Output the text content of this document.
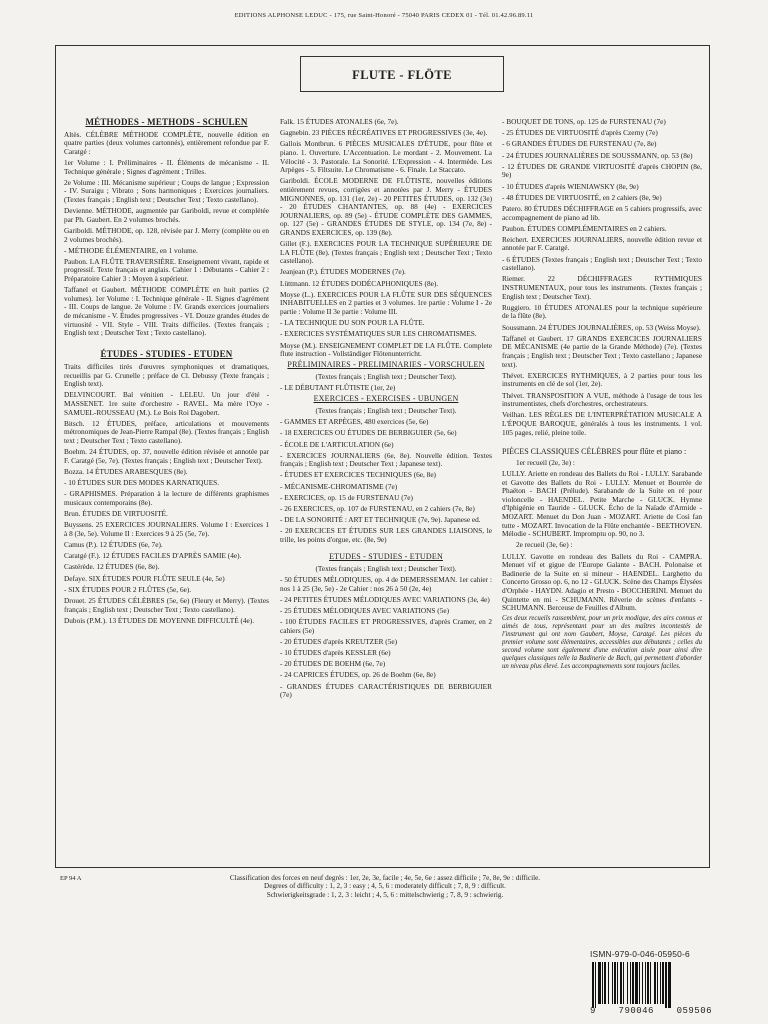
EDITIONS ALPHONSE LEDUC - 175, rue Saint-Honoré - 75040 PARIS CEDEX 01 - Tél. 01.42.96.89.11
FLUTE - FLÖTE
MÉTHODES - METHODS - SCHULEN
Altès. CÉLÈBRE MÉTHODE COMPLÈTE, nouvelle édition en quatre parties (deux volumes cartonnés), entièrement refondue par F. Caratgé :
1er Volume : I. Préliminaires - II. Éléments de mécanisme - II. Technique générale ; Signes d'agrément ; Trilles.
2e Volume : III. Mécanisme supérieur ; Coups de langue ; Expression - IV. Suraigu ; Vibrato ; Sons harmoniques ; Exercices journaliers. (Textes français ; English text ; Deutscher Text ; Texto castellano).
Devienne. MÉTHODE, augmentée par Gariboldi, revue et complétée par Ph. Gaubert. En 2 volumes brochés.
Gariboldi. MÉTHODE, op. 128, révisée par J. Merry (complète ou en 2 volumes brochés).
- MÉTHODE ÉLÉMENTAIRE, en 1 volume.
Paubon. LA FLÛTE TRAVERSIÈRE. Enseignement vivant, rapide et progressif. Texte français et anglais. Cahier 1 : Débutants - Cahier 2 : Préparatoire Cahier 3 : Moyen à supérieur.
Taffanel et Gaubert. MÉTHODE COMPLÈTE en huit parties (2 volumes). 1er Volume : I. Technique générale - II. Signes d'agrément - III. Coups de langue. 2e Volume : IV. Grands exercices journaliers de mécanisme - V. Études progressives - VI. Douze grandes études de virtuosité - VII. Style - VIII. Traits difficiles. (Textes français ; English text ; Deutscher Text ; Texto castellano).
ÉTUDES - STUDIES - ETUDEN
Traits difficiles tirés d'œuvres symphoniques et dramatiques, recueillis par G. Crunelle ; préface de Cl. Debussy (Texte français ; English text).
DELVINCOURT. Bal vénitien - LELEU. Un jour d'été - MASSENET. 1re suite d'orchestre - RAVEL. Ma mère l'Oye - SAMUEL-ROUSSEAU (M.). Le Bois Roi Dagobert.
Bitsch. 12 ÉTUDES, préface, articulations et mouvements métronomiques de Jean-Pierre Rampal (8e). (Textes français ; English text ; Deutscher Text ; Texto castellano).
Boehm. 24 ÉTUDES, op. 37, nouvelle édition révisée et annotée par F. Caratgé (5e, 7e). (Textes français ; English text ; Deutscher Text).
Bozza. 14 ÉTUDES ARABESQUES (8e).
- 10 ÉTUDES SUR DES MODES KARNATIQUES.
- GRAPHISMES. Préparation à la lecture de différents graphismes musicaux contemporains (8e).
Brun. ÉTUDES DE VIRTUOSITÉ.
Buyssens. 25 EXERCICES JOURNALIERS. Volume I : Exercices 1 à 8 (3e, 5e). Volume II : Exercices 9 à 25 (5e, 7e).
Camus (P.). 12 ÉTUDES (6e, 7e).
Caratgé (F.). 12 ÉTUDES FACILES D'APRÈS SAMIE (4e).
Castérède. 12 ÉTUDES (6e, 8e).
Defaye. SIX ÉTUDES POUR FLÛTE SEULE (4e, 5e)
- SIX ÉTUDES POUR 2 FLÛTES (5e, 6e).
Drouet. 25 ÉTUDES CÉLÈBRES (5e, 6e) (Fleury et Merry). (Textes français ; English text ; Deutscher Text ; Texto castellano).
Dubois (P.M.). 13 ÉTUDES DE MOYENNE DIFFICULTÉ (4e).
Falk. 15 ÉTUDES ATONALES (6e, 7e).
Gagnebin. 23 PIÈCES RÉCRÉATIVES ET PROGRESSIVES (3e, 4e).
Gallois Montbrun. 6 PIÈCES MUSICALES D'ÉTUDE, pour flûte et piano. 1. Ouverture. L'Accentuation. Le mordant - 2. Mouvement. La Vélocité - 3. Pastorale. La Sonorité. L'Expression - 4. Intermède. Les Arpèges - 5. Filtsuite. Le Chromatisme - 6. Finale. Le Staccato.
Gariboldi. ÉCOLE MODERNE DE FLÛTISTE, nouvelles éditions entièrement revues, corrigées et annotées par J. Merry - ÉTUDES MIGNONNES, op. 131 (1er, 2e) - 20 PETITES ÉTUDES, op. 132 (3e) - 20 ÉTUDES CHANTANTES, op. 88 (4e) - EXERCICES JOURNALIERS, op. 89 (5e) - ÉTUDE COMPLÈTE DES GAMMES, op. 127 (5e) - GRANDES ÉTUDES DE STYLE, op. 134 (7e, 8e) - GRANDS EXERCICES, op. 139 (8e).
Gillet (F.). EXERCICES POUR LA TECHNIQUE SUPÉRIEURE DE LA FLÛTE (8e). (Textes français ; English text ; Deutscher Text ; Texto castellano).
Jeanjean (P.). ÉTUDES MODERNES (7e).
Lüttmann. 12 ÉTUDES DODÉCAPHONIQUES (8e).
Moyse (L.). EXERCICES POUR LA FLÛTE SUR DES SÉQUENCES INHABITUELLES en 2 parties et 3 volumes. 1re partie : Volume I - 2e partie : Volume II 3e partie : Volume III.
- LA TECHNIQUE DU SON POUR LA FLÛTE.
- EXERCICES SYSTÉMATIQUES SUR LES CHROMATISMES.
Moyse (M.). ENSEIGNEMENT COMPLET DE LA FLÛTE. Complete flute instruction - Vollständiger Flötenunterricht.
PRÉLIMINAIRES - PRELIMINARIES - VORSCHULEN
(Textes français ; English text ; Deutscher Text).
- LE DÉBUTANT FLÛTISTE (1er, 2e)
EXERCICES - EXERCISES - UBUNGEN
(Textes français ; English text ; Deutscher Text).
- GAMMES ET ARPÈGES, 480 exercices (5e, 6e)
- 18 EXERCICES OU ÉTUDES DE BERBIGUIER (5e, 6e)
- ÉCOLE DE L'ARTICULATION (6e)
- EXERCICES JOURNALIERS (6e, 8e). Nouvelle édition. Textes français ; English text ; Deutscher Text ; Japanese text).
- ÉTUDES ET EXERCICES TECHNIQUES (6e, 8e)
- MÉCANISME-CHROMATISME (7e)
- EXERCICES, op. 15 de FURSTENAU (7e)
- 26 EXERCICES, op. 107 de FURSTENAU, en 2 cahiers (7e, 8e)
- DE LA SONORITÉ : ART ET TECHNIQUE (7e, 9e). Japanese ed.
- 20 EXERCICES ET ÉTUDES SUR LES GRANDES LIAISONS, le trille, les points d'orgue, etc. (8e, 9e)
ETUDES - STUDIES - ETUDEN
(Textes français ; English text ; Deutscher Text).
- 50 ÉTUDES MÉLODIQUES, op. 4 de DEMERSSEMAN. 1er cahier : nos 1 à 25 (3e, 5e) - 2e Cahier : nos 26 à 50 (2e, 4e)
- 24 PETITES ÉTUDES MÉLODIQUES AVEC VARIATIONS (3e, 4e)
- 25 ÉTUDES MÉLODIQUES AVEC VARIATIONS (5e)
- 100 ÉTUDES FACILES ET PROGRESSIVES, d'après Cramer, en 2 cahiers (5e)
- 20 ÉTUDES d'après KREUTZER (5e)
- 10 ÉTUDES d'après KESSLER (6e)
- 20 ÉTUDES DE BOEHM (6e, 7e)
- 24 CAPRICES ÉTUDES, op. 26 de Boehm (6e, 8e)
- GRANDES ÉTUDES CARACTÉRISTIQUES DE BERBIGUIER (7e)
- BOUQUET DE TONS, op. 125 de FURSTENAU (7e)
- 25 ÉTUDES DE VIRTUOSITÉ d'après Czerny (7e)
- 6 GRANDES ÉTUDES DE FURSTENAU (7e, 8e)
- 24 ÉTUDES JOURNALIÈRES DE SOUSSMANN, op. 53 (8e)
- 12 ÉTUDES DE GRANDE VIRTUOSITÉ d'après CHOPIN (8e, 9e)
- 10 ÉTUDES d'après WIENIAWSKY (8e, 9e)
- 48 ÉTUDES DE VIRTUOSITÉ, en 2 cahiers (8e, 9e)
Patero. 80 ÉTUDES DÉCHIFFRAGE en 5 cahiers progressifs, avec accompagnement de piano ad lib.
Paubon. ÉTUDES COMPLÉMENTAIRES en 2 cahiers.
Reichert. EXERCICES JOURNALIERS, nouvelle édition revue et annotée par F. Caratgé.
- 6 ÉTUDES (Textes français ; English text ; Deutscher Text ; Texto castellano).
Riemer. 22 DÉCHIFFRAGES RYTHMIQUES INSTRUMENTAUX, pour tous les instruments. (Textes français ; English text ; Deutscher Text).
Ruggiero. 10 ÉTUDES ATONALES pour la technique supérieure de la flûte (8e).
Soussmann. 24 ÉTUDES JOURNALIÈRES, op. 53 (Weiss Moyse).
Taffanel et Gaubert. 17 GRANDS EXERCICES JOURNALIERS DE MÉCANISME (4e partie de la Grande Méthode) (7e). (Textes français ; English text ; Deutscher Text ; Texto castellano ; Japanese text).
Thévet. EXERCICES RYTHMIQUES, à 2 parties pour tous les instruments en clé de sol (1er, 2e).
Thévet. TRANSPOSITION A VUE, méthode à l'usage de tous les instrumentistes, chefs d'orchestres, orchestrateurs.
Veilhan. LES RÈGLES DE L'INTERPRÉTATION MUSICALE A L'ÉPOQUE BAROQUE, généralés à tous les instruments. 1 vol. 105 pages, relié, pleine toile.
PIÈCES CLASSIQUES CÉLÈBRES pour flûte et piano :
1er recueil (2e, 3e) :
LULLY. Ariette en rondeau des Ballets du Roi - LULLY. Sarabande et Gavotte des Ballets du Roi - LULLY. Menuet et Bourrée de Phaëton - BACH (Prélude). Sarabande de la Suite en ré pour violoncelle - HAENDEL. Petite Marche - GLUCK. Hymne d'Iphigénie en Tauride - GLUCK. Écho de la Naïade d'Armide - MOZART. Menuet du Don Juan - MOZART. Ariette de Così fan tutte - MOZART. Invocation de la Flûte enchantée - BEETHOVEN. Mélodie - SCHUBERT. Impromptu op. 90, no 3.
2e recueil (3e, 6e) :
LULLY. Gavotte en rondeau des Ballets du Roi - CAMPRA. Menuet vif et gigue de l'Europe Galante - BACH. Polonaise et Badinerie de la Suite en si mineur - HAENDEL. Larghetto du Concerto Grosso op. 6, no 12 - GLUCK. Scène des Champs Élysées d'Orphée - HAYDN. Adagio et Presto - BOCCHERINI. Menuet du Quintette en mi - SCHUMANN. Rêverie de scènes d'enfants - SCHUMANN. Berceuse de Feuilles d'Album.
Ces deux recueils rassemblent, pour un prix modique, des airs connus et aimés de tous, représentant pour un des maîtres incontestés de l'instrument qui ont nom Gaubert, Moyse, Caratgé. Les pièces du premier volume sont élémentaires, accessibles aux débutants ; celles du second volume sont également d'une exécution aisée pour ainsi dire quelques classiques telle la Badinerie de Bach, qui permettent d'aborder un niveau plus élevé. Les accompagnements sont toujours faciles.
EP 94 A	Classification des forces en neuf degrés : 1er, 2e, 3e, facile ; 4e, 5e, 6e : assez difficile ; 7e, 8e, 9e : difficile.
Degrees of difficulty : 1, 2, 3 : easy ; 4, 5, 6 : moderately difficult ; 7, 8, 9 : difficult.
Schwierigkeitsgrade : 1, 2, 3 : leicht ; 4, 5, 6 : mittelschwierig ; 7, 8, 9 : schwierig.
ISMN-979-0-046-05950-6
9	790046	059506
